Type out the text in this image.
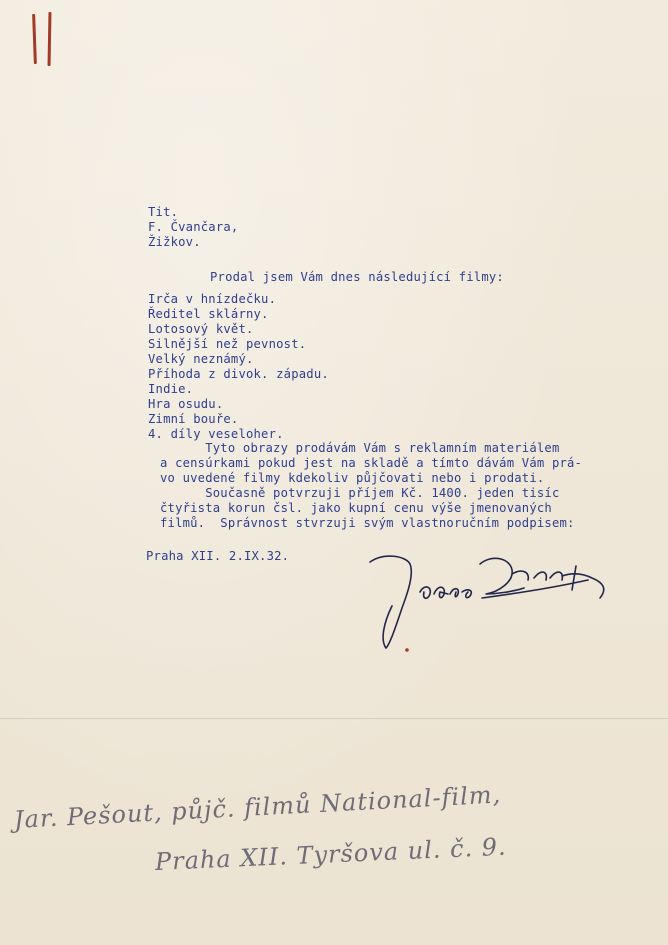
Tit.
F. Čvančara,
Žižkov.
Prodal jsem Vám dnes následující filmy:
Irča v hnízdečku.
Ředitel sklárny.
Lotosový květ.
Silnější než pevnost.
Velký neznámý.
Příhoda z divok. západu.
Indie.
Hra osudu.
Zimní bouře.
4. díly veseloher.
Tyto obrazy prodávám Vám s reklamním materiálem
a censúrkami pokud jest na skladě a tímto dávám Vám prá-
vo uvedené filmy kdekoliv půjčovati nebo i prodati.
Současně potvrzuji příjem Kč. 1400. jeden tisíc
čtyřista korun čsl. jako kupní cenu výše jmenovaných
filmů.  Správnost stvrzuji svým vlastnoručním podpisem:
Praha XII. 2.IX.32.
Jar. Pešout, půjč. filmů National-film,
Praha XII. Tyršova ul. č. 9.
